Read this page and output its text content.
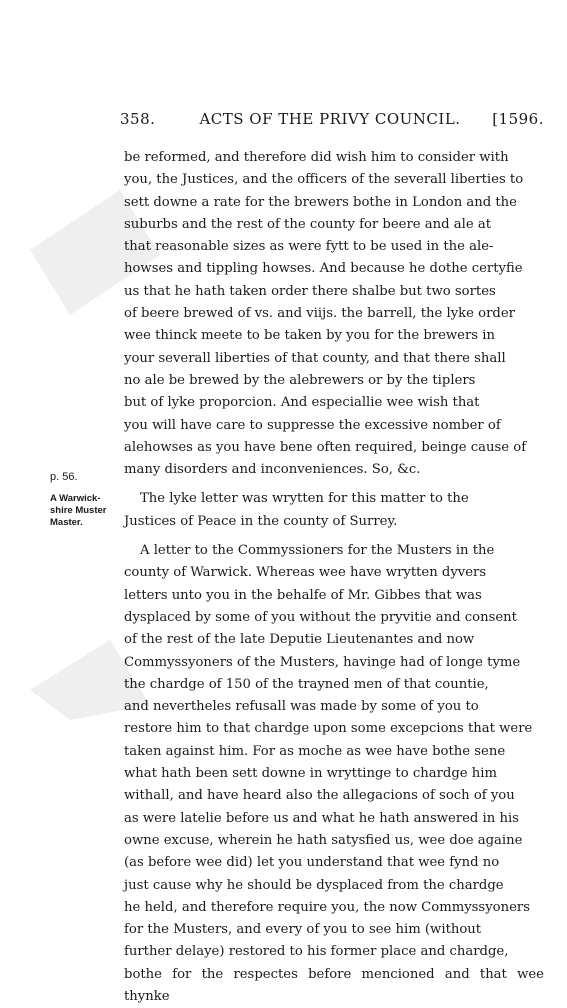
358.	ACTS OF THE PRIVY COUNCIL.	[1596.
p. 56.
A Warwick-
shire Muster
Master.

be reformed, and therefore did wish him to consider with
you, the Justices, and the officers of the severall liberties to
sett downe a rate for the brewers bothe in London and the
suburbs and the rest of the county for beere and ale at
that reasonable sizes as were fytt to be used in the ale-
howses and tippling howses. And because he dothe certyfie
us that he hath taken order there shalbe but two sortes
of beere brewed of vs. and viijs. the barrell, the lyke order
wee thinck meete to be taken by you for the brewers in
your severall liberties of that county, and that there shall
no ale be brewed by the alebrewers or by the tiplers
but of lyke proporcion. And especiallie wee wish that
you will have care to suppresse the excessive nomber of
alehowses as you have bene often required, beinge cause of
many disorders and inconveniences. So, &c.

The lyke letter was wrytten for this matter to the
Justices of Peace in the county of Surrey.

A letter to the Commyssioners for the Musters in the
county of Warwick. Whereas wee have wrytten dyvers
letters unto you in the behalfe of Mr. Gibbes that was
dysplaced by some of you without the pryvitie and consent
of the rest of the late Deputie Lieutenantes and now
Commyssyoners of the Musters, havinge had of longe tyme
the chardge of 150 of the trayned men of that countie,
and nevertheles refusall was made by some of you to
restore him to that chardge upon some excepcions that were
taken against him. For as moche as wee have bothe sene
what hath been sett downe in wryttinge to chardge him
withall, and have heard also the allegacions of soch of you
as were latelie before us and what he hath answered in his
owne excuse, wherein he hath satysfied us, wee doe againe
(as before wee did) let you understand that wee fynd no
just cause why he should be dysplaced from the chardge
he held, and therefore require you, the now Commyssyoners
for the Musters, and every of you to see him (without
further delaye) restored to his former place and chardge,
bothe for the respectes before mencioned and that wee thynke
